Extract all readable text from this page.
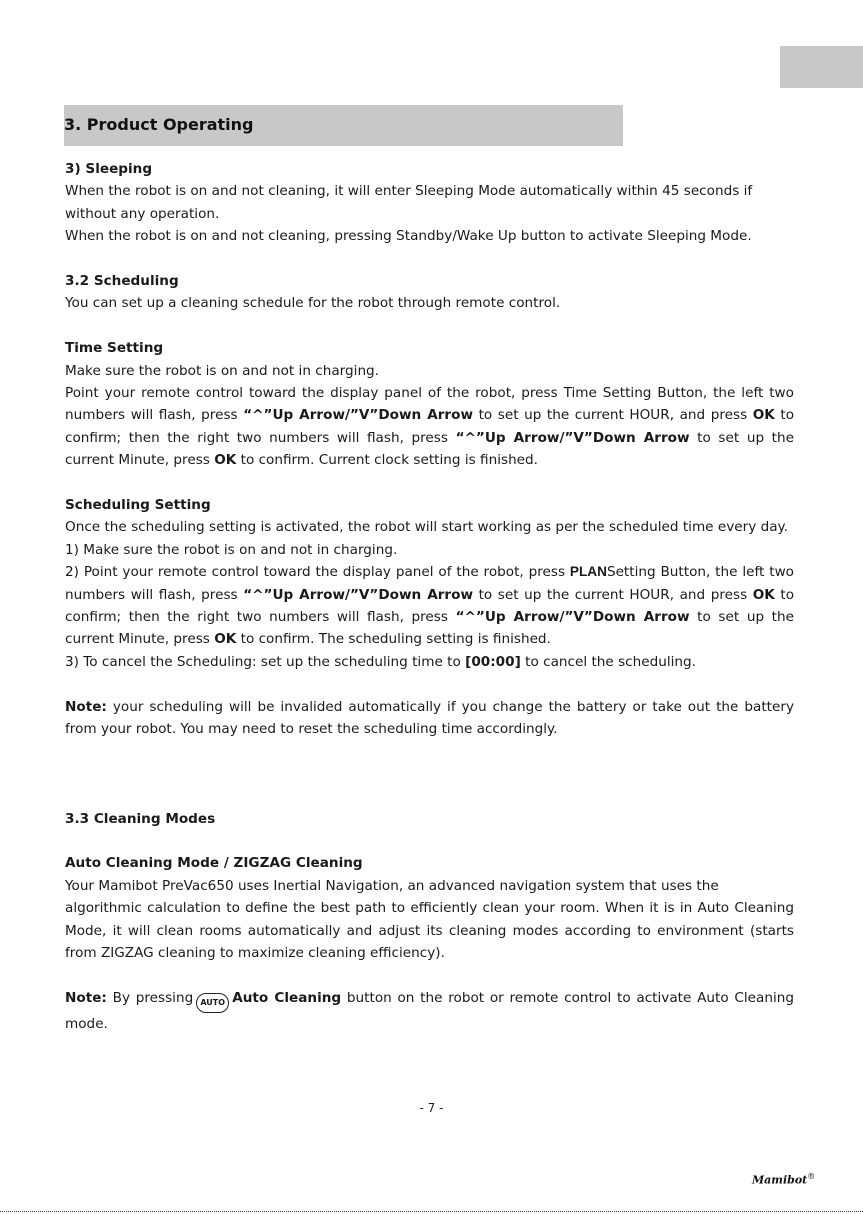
3. Product Operating

3) Sleeping

When the robot is on and not cleaning, it will enter Sleeping Mode automatically within 45 seconds if without any operation.

When the robot is on and not cleaning, pressing Standby/Wake Up button to activate Sleeping Mode.

3.2 Scheduling

You can set up a cleaning schedule for the robot through remote control.

Time Setting

Make sure the robot is on and not in charging.

Point your remote control toward the display panel of the robot, press Time Setting Button, the left two numbers will flash, press “^”Up Arrow/”V”Down Arrow to set up the current HOUR, and press OK to confirm; then the right two numbers will flash, press “^”Up Arrow/”V”Down Arrow to set up the current Minute, press OK to confirm. Current clock setting is finished.

Scheduling Setting

Once the scheduling setting is activated, the robot will start working as per the scheduled time every day.

1) Make sure the robot is on and not in charging.

2) Point your remote control toward the display panel of the robot, press PLANSetting Button, the left two numbers will flash, press “^”Up Arrow/”V”Down Arrow to set up the current HOUR, and press OK to confirm; then the right two numbers will flash, press “^”Up Arrow/”V”Down Arrow to set up the current Minute, press OK to confirm. The scheduling setting is finished.

3) To cancel the Scheduling: set up the scheduling time to [00:00] to cancel the scheduling.

Note: your scheduling will be invalided automatically if you change the battery or take out the battery from your robot. You may need to reset the scheduling time accordingly.

3.3 Cleaning Modes

Auto Cleaning Mode / ZIGZAG Cleaning

Your Mamibot PreVac650 uses Inertial Navigation, an advanced navigation system that uses the

algorithmic calculation to define the best path to efficiently clean your room. When it is in Auto Cleaning Mode, it will clean rooms automatically and adjust its cleaning modes according to environment (starts from ZIGZAG cleaning to maximize cleaning efficiency).

Note: By pressing AUTO Auto Cleaning button on the robot or remote control to activate Auto Cleaning mode.

- 7 -
Mamibot®
